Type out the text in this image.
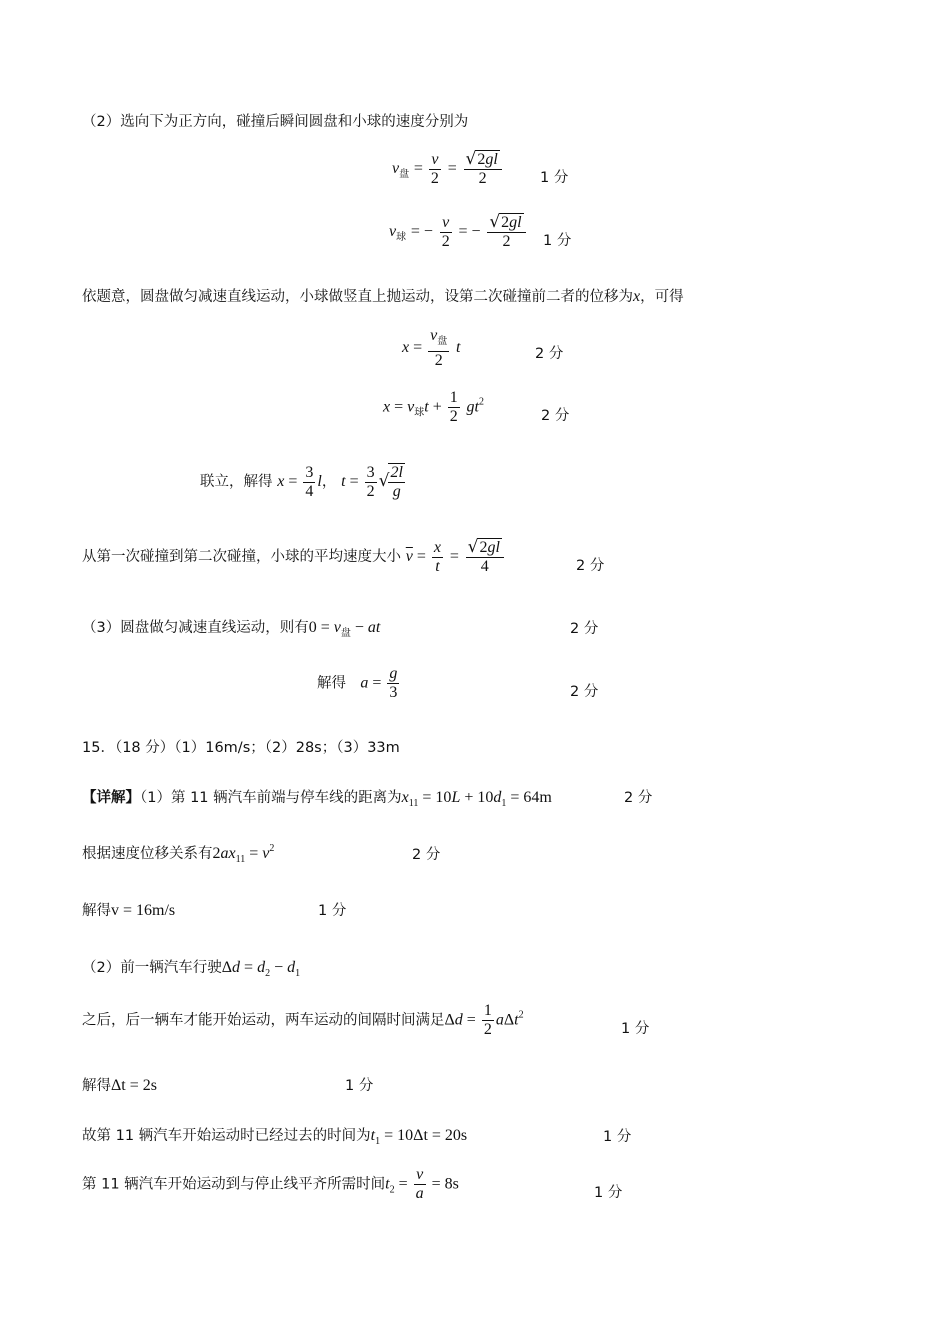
（2）选向下为正方向，碰撞后瞬间圆盘和小球的速度分别为
$v_盘 = \frac{v}{2} = \frac{√2gl}{2}$	1 分
$v_球$ = − $\frac{v}{2}$ = − $\frac{√2gl}{2} 1$ 分
依题意，圆盘做匀减速直线运动，小球做竖直上抛运动，设第二次碰撞前二者的位移为x，可得
$x = \frac{v_盘}{2}$ t	2 分
$x = v_球t + \frac{1}{2} gt^2$
2 分
联立，解得 $x = \frac{3}{4}$ l， $t = \frac{3}{2}$ √ $\frac{2l}{g}$
从第一次碰撞到第二次碰撞，小球的平均速度大小 $\overline{v} = \frac{x}{t} = \frac{√2gl}{4}$	2 分
（3）圆盘做匀减速直线运动，则有$0 = v_盘$ − at	2 分
解得 $a = \frac{g}{3}$	2 分
15．（18 分）（1）16m/s；（2）28s；（3）33m
【详解】（1）第 11 辆汽车前端与停车线的距离为$x_{11} = 10L + 10d_1 = 64m$	2 分
根据速度位移关系有$2ax_{11} = v^2$	2 分
解得v = 16m/s	1 分
（2）前一辆汽车行驶$\Delta d = d_2 - d_1$
之后，后一辆车才能开始运动，两车运动的间隔时间满足$\Delta d = \frac{1}{2} a\Delta t^2$
1 分
解得Δt = 2s	1 分
故第 11 辆汽车开始运动时已经过去的时间为$t_1 = 10\Delta t = 20s$	1 分
第 11 辆汽车开始运动到与停止线平齐所需时间$t_2 = \frac{v}{a} = 8s$
1 分
